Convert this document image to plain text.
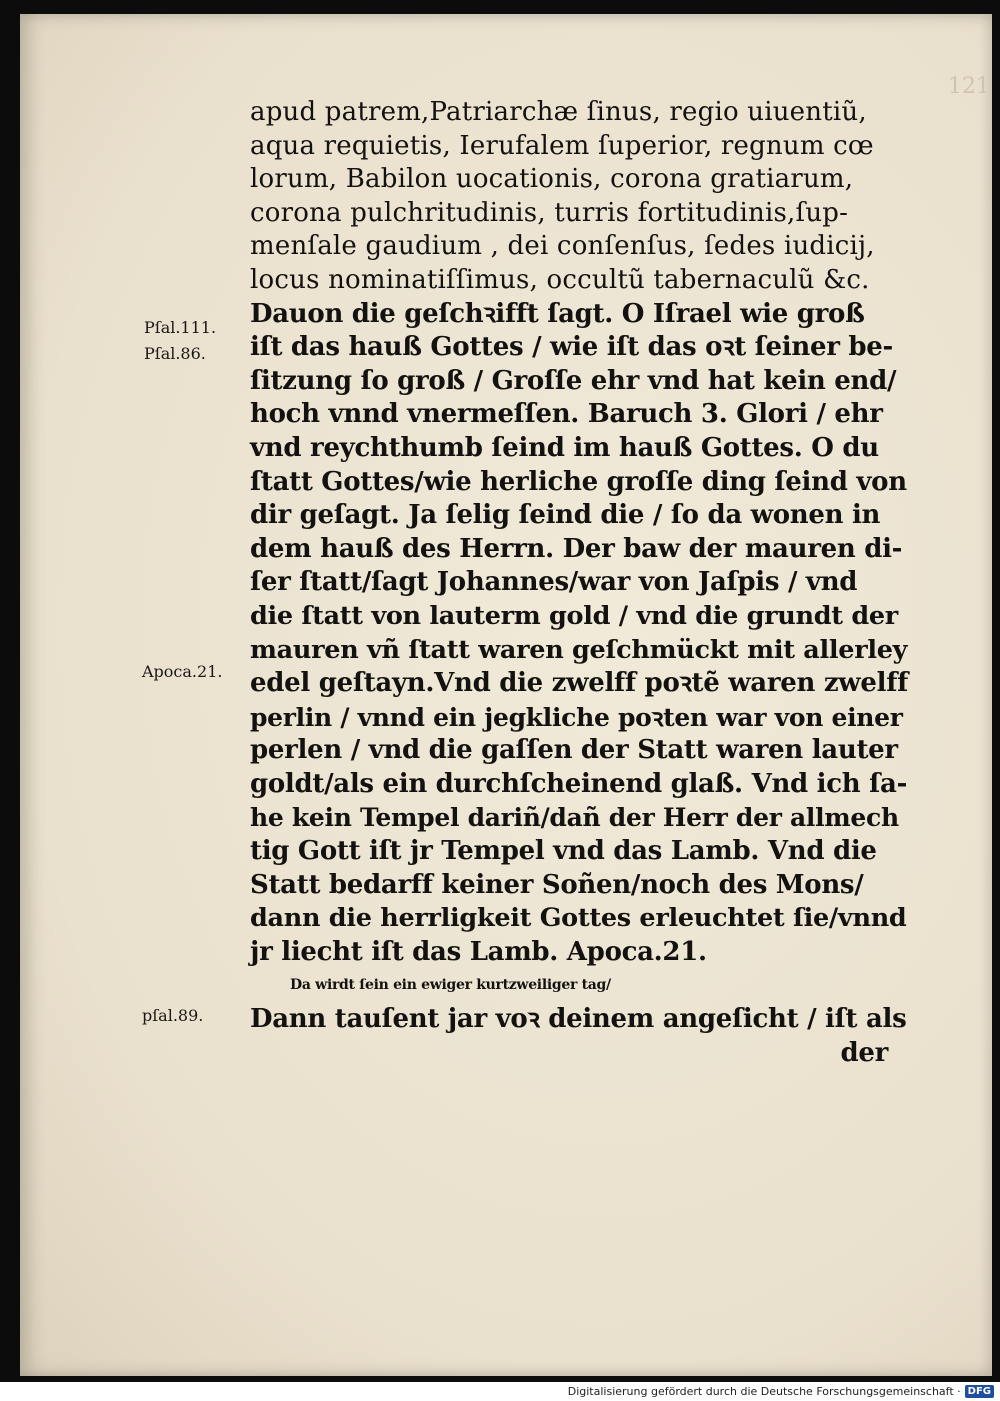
121
apud patrem,Patriarchæ ſinus, regio uiuentiũ,
aqua requietis, Ierufalem ſuperior, regnum cœ
lorum, Babilon uocationis, corona gratiarum,
corona pulchritudinis, turris fortitudinis,ſup-
menſale gaudium , dei conſenſus, ſedes iudicij,
locus nominatiſſimus, occultũ tabernaculũ &c.
Dauon die geſchꝛifft ſagt. O Iſrael wie groß
iſt das hauß Gottes / wie iſt das oꝛt ſeiner be-
ſitzung ſo groß / Groſſe ehr vnd hat kein end/
hoch vnnd vnermeſſen. Baruch 3. Glori / ehr
vnd reychthumb ſeind im hauß Gottes. O du
ſtatt Gottes/wie herliche groſſe ding ſeind von
dir geſagt. Ja ſelig ſeind die / ſo da wonen in
dem hauß des Herrn. Der baw der mauren di-
ſer ſtatt/ſagt Johannes/war von Jaſpis / vnd
die ſtatt von lauterm gold / vnd die grundt der
mauren vñ ſtatt waren geſchmückt mit allerley
edel geſtayn.Vnd die zwelff poꝛtẽ waren zwelff
perlin / vnnd ein jegkliche poꝛten war von einer
perlen / vnd die gaſſen der Statt waren lauter
goldt/als ein durchſcheinend glaß. Vnd ich ſa-
he kein Tempel dariñ/dañ der Herr der allmech
tig Gott iſt jr Tempel vnd das Lamb. Vnd die
Statt bedarff keiner Soñen/noch des Mons/
dann die herrligkeit Gottes erleuchtet ſie/vnnd
jr liecht iſt das Lamb. Apoca.21.
Da wirdt ſein ein ewiger kurtzweiliger tag/
Dann tauſent jar voꝛ deinem angeſicht / iſt als
der
Pſal.111.
Pſal.86.
Apoca.21.
pſal.89.
Digitalisierung gefördert durch die Deutsche Forschungsgemeinschaft · DFG
